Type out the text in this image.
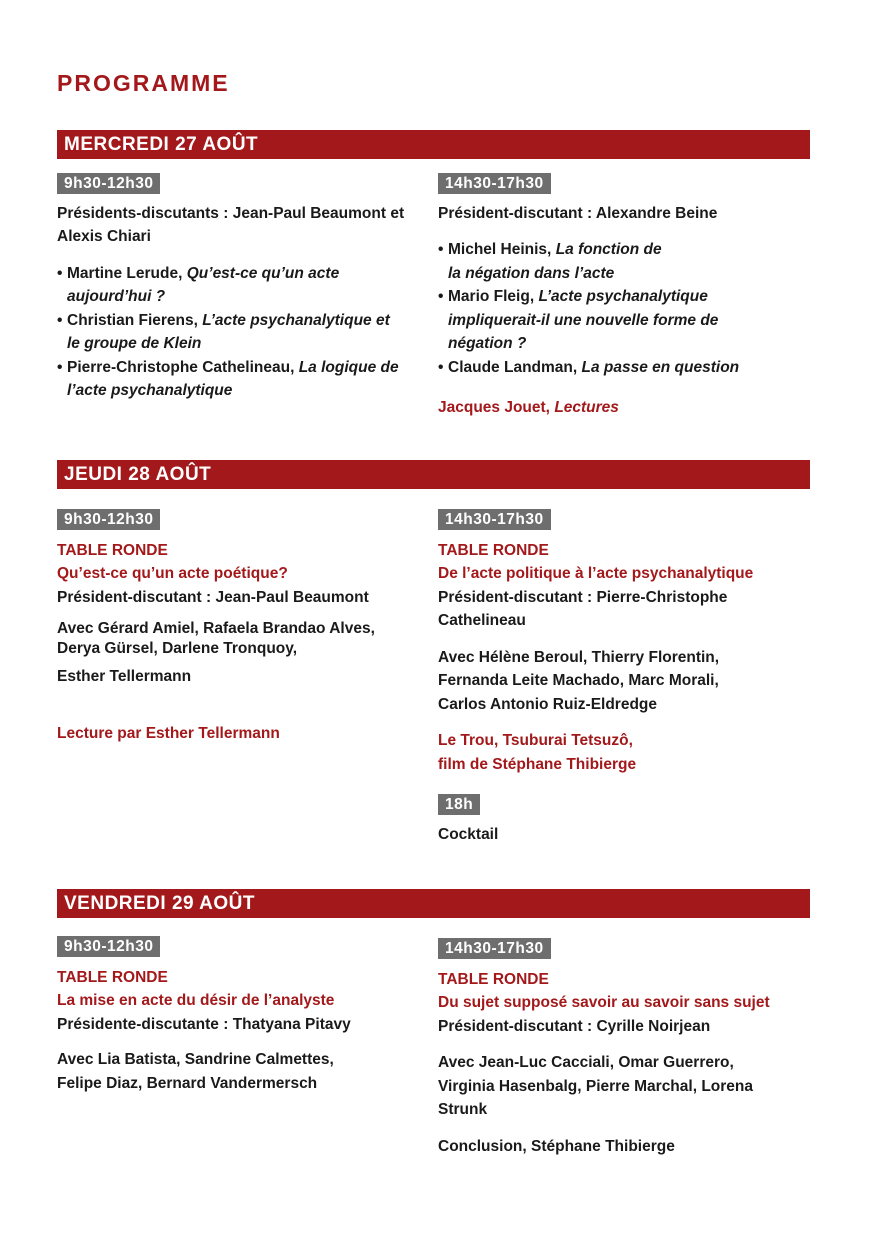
PROGRAMME
MERCREDI 27 AOÛT
9h30-12h30
Présidents-discutants : Jean-Paul Beaumont et Alexis Chiari
• Martine Lerude, Qu’est-ce qu’un acte aujourd’hui ?
• Christian Fierens, L’acte psychanalytique et le groupe de Klein
• Pierre-Christophe Cathelineau, La logique de l’acte psychanalytique
14h30-17h30
Président-discutant : Alexandre Beine
• Michel Heinis, La fonction de la négation dans l’acte
• Mario Fleig, L’acte psychanalytique impliquerait-il une nouvelle forme de négation ?
• Claude Landman, La passe en question
Jacques Jouet, Lectures
JEUDI 28 AOÛT
9h30-12h30
TABLE RONDE
Qu’est-ce qu’un acte poétique?
Président-discutant : Jean-Paul Beaumont
Avec Gérard Amiel, Rafaela Brandao Alves,
Derya Gürsel, Darlene Tronquoy,
Esther Tellermann
Lecture par Esther Tellermann
14h30-17h30
TABLE RONDE
De l’acte politique à l’acte psychanalytique
Président-discutant : Pierre-Christophe Cathelineau
Avec Hélène Beroul, Thierry Florentin, Fernanda Leite Machado, Marc Morali, Carlos Antonio Ruiz-Eldredge
Le Trou, Tsuburai Tetsuzô,
film de Stéphane Thibierge
18h
Cocktail
VENDREDI 29 AOÛT
9h30-12h30
TABLE RONDE
La mise en acte du désir de l’analyste
Présidente-discutante : Thatyana Pitavy
Avec Lia Batista, Sandrine Calmettes, Felipe Diaz, Bernard Vandermersch
14h30-17h30
TABLE RONDE
Du sujet supposé savoir au savoir sans sujet
Président-discutant : Cyrille Noirjean
Avec Jean-Luc Cacciali, Omar Guerrero, Virginia Hasenbalg, Pierre Marchal, Lorena Strunk
Conclusion, Stéphane Thibierge
